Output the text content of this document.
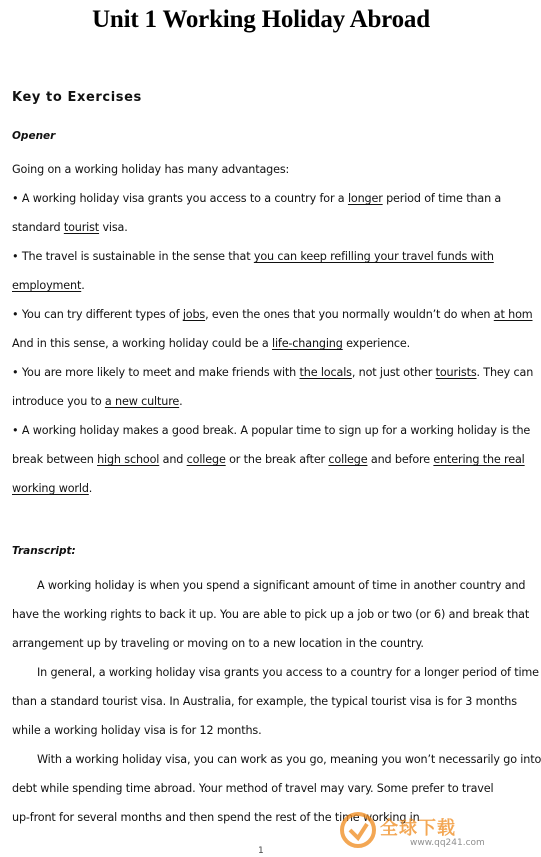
Unit 1 Working Holiday Abroad
Key to Exercises
Opener
Going on a working holiday has many advantages:
• A working holiday visa grants you access to a country for a longer period of time than a
standard tourist visa.
• The travel is sustainable in the sense that you can keep refilling your travel funds with
employment.
• You can try different types of jobs, even the ones that you normally wouldn’t do when at hom
And in this sense, a working holiday could be a life-changing experience.
• You are more likely to meet and make friends with the locals, not just other tourists. They can
introduce you to a new culture.
• A working holiday makes a good break. A popular time to sign up for a working holiday is the
break between high school and college or the break after college and before entering the real
working world.
Transcript:
A working holiday is when you spend a significant amount of time in another country and
have the working rights to back it up. You are able to pick up a job or two (or 6) and break that
arrangement up by traveling or moving on to a new location in the country.
In general, a working holiday visa grants you access to a country for a longer period of time
than a standard tourist visa. In Australia, for example, the typical tourist visa is for 3 months
while a working holiday visa is for 12 months.
With a working holiday visa, you can work as you go, meaning you won’t necessarily go into
debt while spending time abroad. Your method of travel may vary. Some prefer to travel
up-front for several months and then spend the rest of the time working in
1
全球下载
www.qq241.com
